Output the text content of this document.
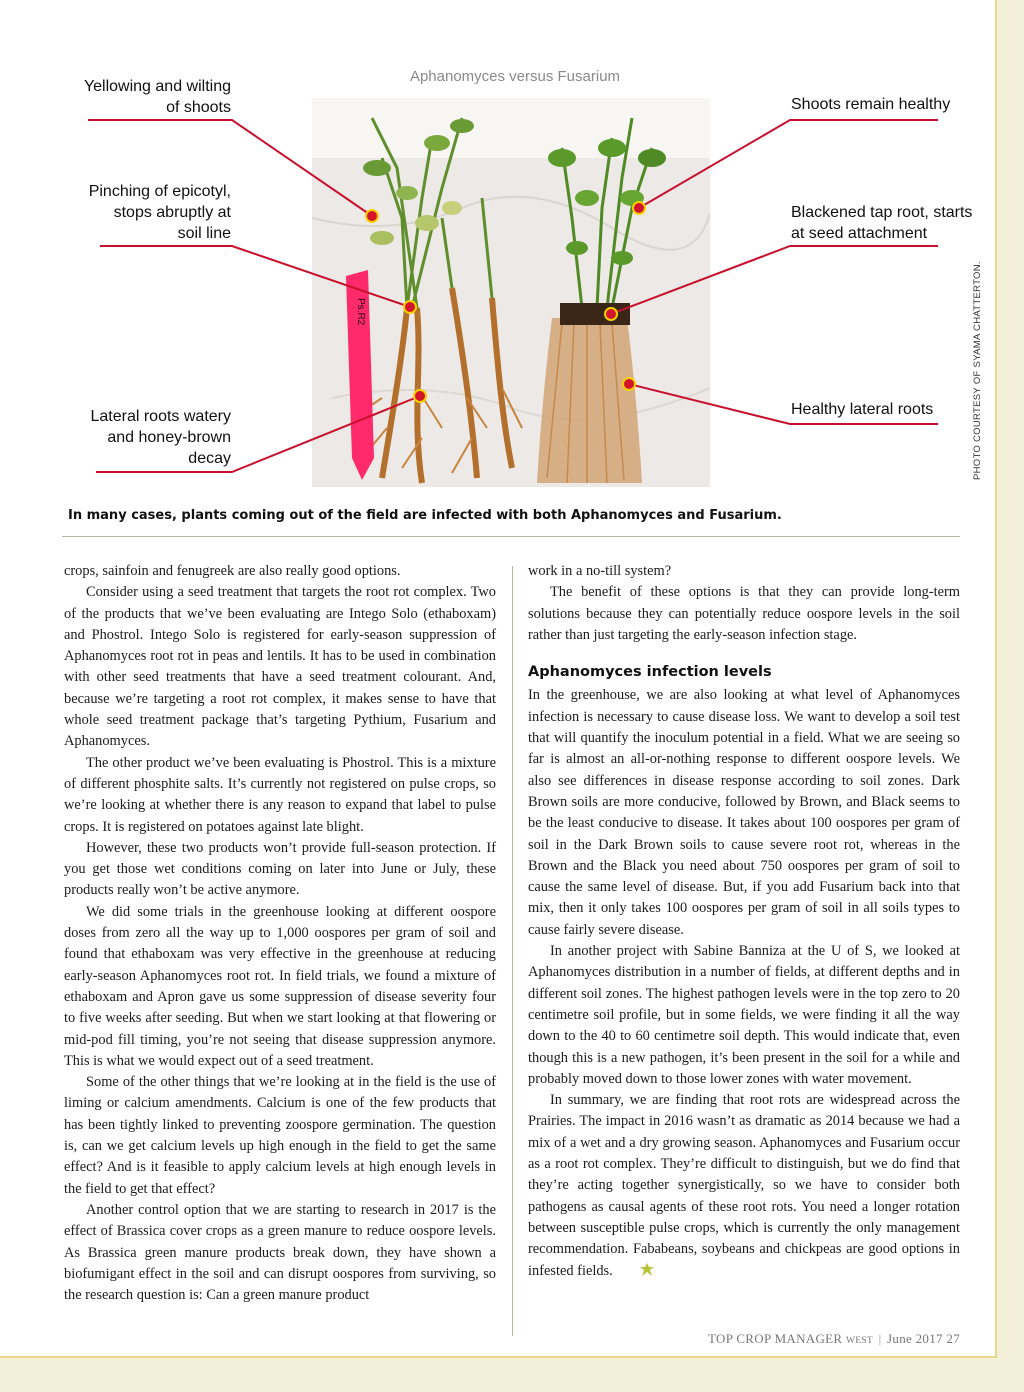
Aphanomyces versus Fusarium
Ps.R2
Yellowing and wilting
of shoots
Pinching of epicotyl,
stops abruptly at
soil line
Lateral roots watery
and honey-brown
decay
Shoots remain healthy
Blackened tap root, starts
at seed attachment
Healthy lateral roots	PHOTO COURTESY OF SYAMA CHATTERTON.
In many cases, plants coming out of the field are infected with both Aphanomyces and Fusarium.

crops, sainfoin and fenugreek are also really good options.

Consider using a seed treatment that targets the root rot complex. Two of the products that we’ve been evaluating are Intego Solo (ethaboxam) and Phostrol. Intego Solo is registered for early-season suppression of Aphanomyces root rot in peas and lentils. It has to be used in combination with other seed treatments that have a seed treatment colourant. And, because we’re targeting a root rot complex, it makes sense to have that whole seed treatment package that’s targeting Pythium, Fusarium and Aphanomyces.

The other product we’ve been evaluating is Phostrol. This is a mixture of different phosphite salts. It’s currently not registered on pulse crops, so we’re looking at whether there is any reason to expand that label to pulse crops. It is registered on potatoes against late blight.

However, these two products won’t provide full-season protection. If you get those wet conditions coming on later into June or July, these products really won’t be active anymore.

We did some trials in the greenhouse looking at different oospore doses from zero all the way up to 1,000 oospores per gram of soil and found that ethaboxam was very effective in the greenhouse at reducing early-season Aphanomyces root rot. In field trials, we found a mixture of ethaboxam and Apron gave us some suppression of disease severity four to five weeks after seeding. But when we start looking at that flowering or mid-pod fill timing, you’re not seeing that disease suppression anymore. This is what we would expect out of a seed treatment.

Some of the other things that we’re looking at in the field is the use of liming or calcium amendments. Calcium is one of the few products that has been tightly linked to preventing zoospore germination. The question is, can we get calcium levels up high enough in the field to get the same effect? And is it feasible to apply calcium levels at high enough levels in the field to get that effect?

Another control option that we are starting to research in 2017 is the effect of Brassica cover crops as a green manure to reduce oospore levels. As Brassica green manure products break down, they have shown a biofumigant effect in the soil and can disrupt oospores from surviving, so the research question is: Can a green manure product

work in a no-till system?

The benefit of these options is that they can provide long-term solutions because they can potentially reduce oospore levels in the soil rather than just targeting the early-season infection stage.

Aphanomyces infection levels

In the greenhouse, we are also looking at what level of Aphanomyces infection is necessary to cause disease loss. We want to develop a soil test that will quantify the inoculum potential in a field. What we are seeing so far is almost an all-or-nothing response to different oospore levels. We also see differences in disease response according to soil zones. Dark Brown soils are more conducive, followed by Brown, and Black seems to be the least conducive to disease. It takes about 100 oospores per gram of soil in the Dark Brown soils to cause severe root rot, whereas in the Brown and the Black you need about 750 oospores per gram of soil to cause the same level of disease. But, if you add Fusarium back into that mix, then it only takes 100 oospores per gram of soil in all soils types to cause fairly severe disease.

In another project with Sabine Banniza at the U of S, we looked at Aphanomyces distribution in a number of fields, at different depths and in different soil zones. The highest pathogen levels were in the top zero to 20 centimetre soil profile, but in some fields, we were finding it all the way down to the 40 to 60 centimetre soil depth. This would indicate that, even though this is a new pathogen, it’s been present in the soil for a while and probably moved down to those lower zones with water movement.

In summary, we are finding that root rots are widespread across the Prairies. The impact in 2016 wasn’t as dramatic as 2014 because we had a mix of a wet and a dry growing season. Aphanomyces and Fusarium occur as a root rot complex. They’re difficult to distinguish, but we do find that they’re acting together synergistically, so we have to consider both pathogens as causal agents of these root rots. You need a longer rotation between susceptible pulse crops, which is currently the only management recommendation. Fababeans, soybeans and chickpeas are good options in infested fields.

TOP CROP MANAGER WEST | June 2017 27
